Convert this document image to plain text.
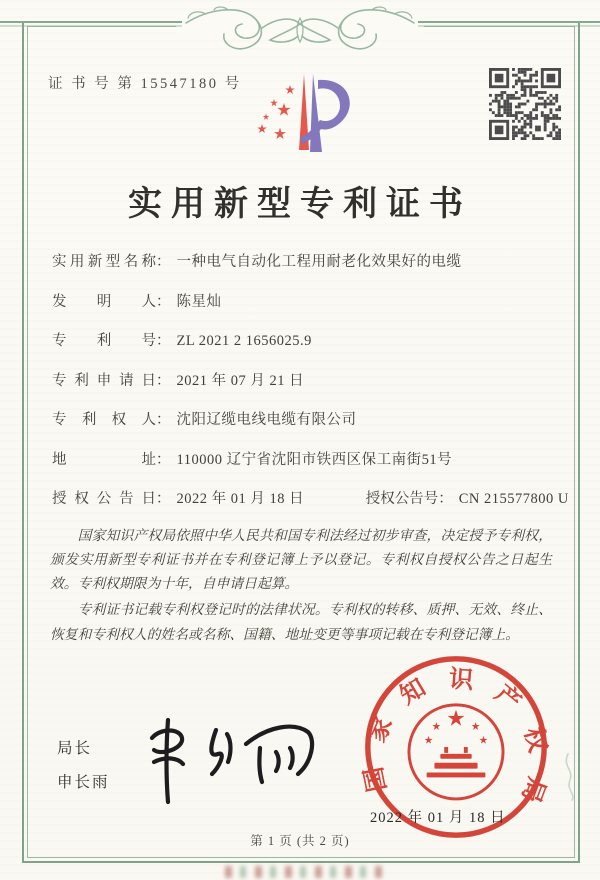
证 书 号 第 15547180 号
实用新型专利证书
实用新型名称： 一种电气自动化工程用耐老化效果好的电缆
发明人： 陈星灿
专利号： ZL 2021 2 1656025.9
专利申请日： 2021 年 07 月 21 日
专利权人： 沈阳辽缆电线电缆有限公司
地址： 110000 辽宁省沈阳市铁西区保工南街51号
授权公告日： 2022 年 01 月 18 日	授权公告号： CN 215577800 U

国家知识产权局依照中华人民共和国专利法经过初步审查，决定授予专利权，颁发实用新型专利证书并在专利登记簿上予以登记。专利权自授权公告之日起生效。专利权期限为十年，自申请日起算。

专利证书记载专利权登记时的法律状况。专利权的转移、质押、无效、终止、恢复和专利权人的姓名或名称、国籍、地址变更等事项记载在专利登记簿上。

局长
申长雨	国家知识产权局
2022 年 01 月 18 日
第 1 页 (共 2 页)
